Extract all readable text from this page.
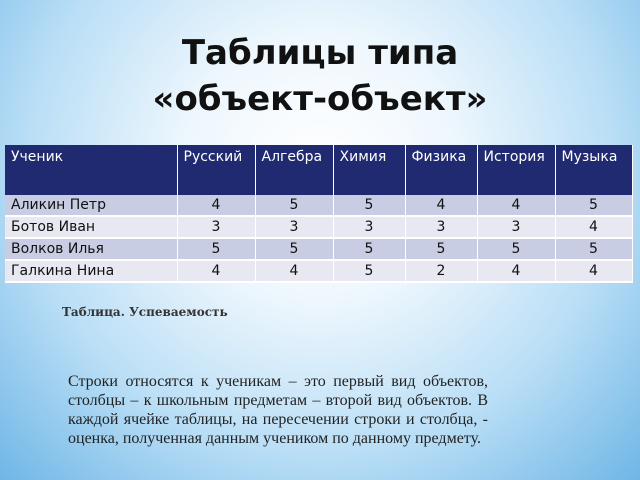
Таблицы типа
«объект-объект»
Ученик	Русский	Алгебра	Химия	Физика	История	Музыка
Аликин Петр	4	5	5	4	4	5
Ботов Иван	3	3	3	3	3	4
Волков Илья	5	5	5	5	5	5
Галкина Нина	4	4	5	2	4	4
Таблица. Успеваемость

Строки относятся к ученикам – это первый вид объектов, столбцы – к школьным предметам – второй вид объектов. В каждой ячейке таблицы, на пересечении строки и столбца, - оценка, полученная данным учеником по данному предмету.
